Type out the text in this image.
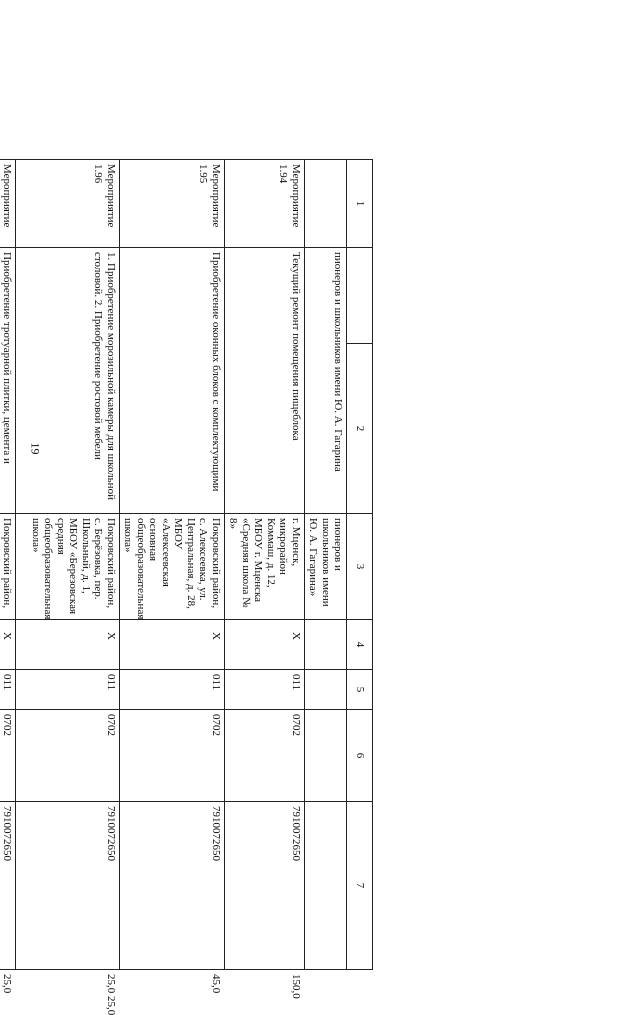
19
1		2	3	4	5	6	7	
	пионеров и школьников имени Ю. А. Гагарина		пионеров и школьников имени Ю. А. Гагарина»					
Мероприятие 1.94	Текущий ремонт помещения пищеблока		г. Мценск, микрорайон Коммаш, д. 12, МБОУ г. Мценска «Средняя школа № 8»	X	011	0702	7910072650	150,0
Мероприятие 1.95	Приобретение оконных блоков с комплектующими		Покровский район, с. Алексеевка, ул. Центральная, д. 28, МБОУ «Алексеевская основная общеобразовательная школа»	X	011	0702	7910072650	45,0
Мероприятие 1.96	1. Приобретение морозильной камеры для школьной столовой. 2. Приобретение ростовой мебели		Покровский район, с. Берёзовка, пер. Школьный, д. 1, МБОУ «Березовская средняя общеобразовательная школа»	X	011	0702	7910072650	25,0 25,0
Мероприятие	Приобретение тротуарной плитки, цемента и		Покровский район,	X	011	0702	7910072650	25,0
